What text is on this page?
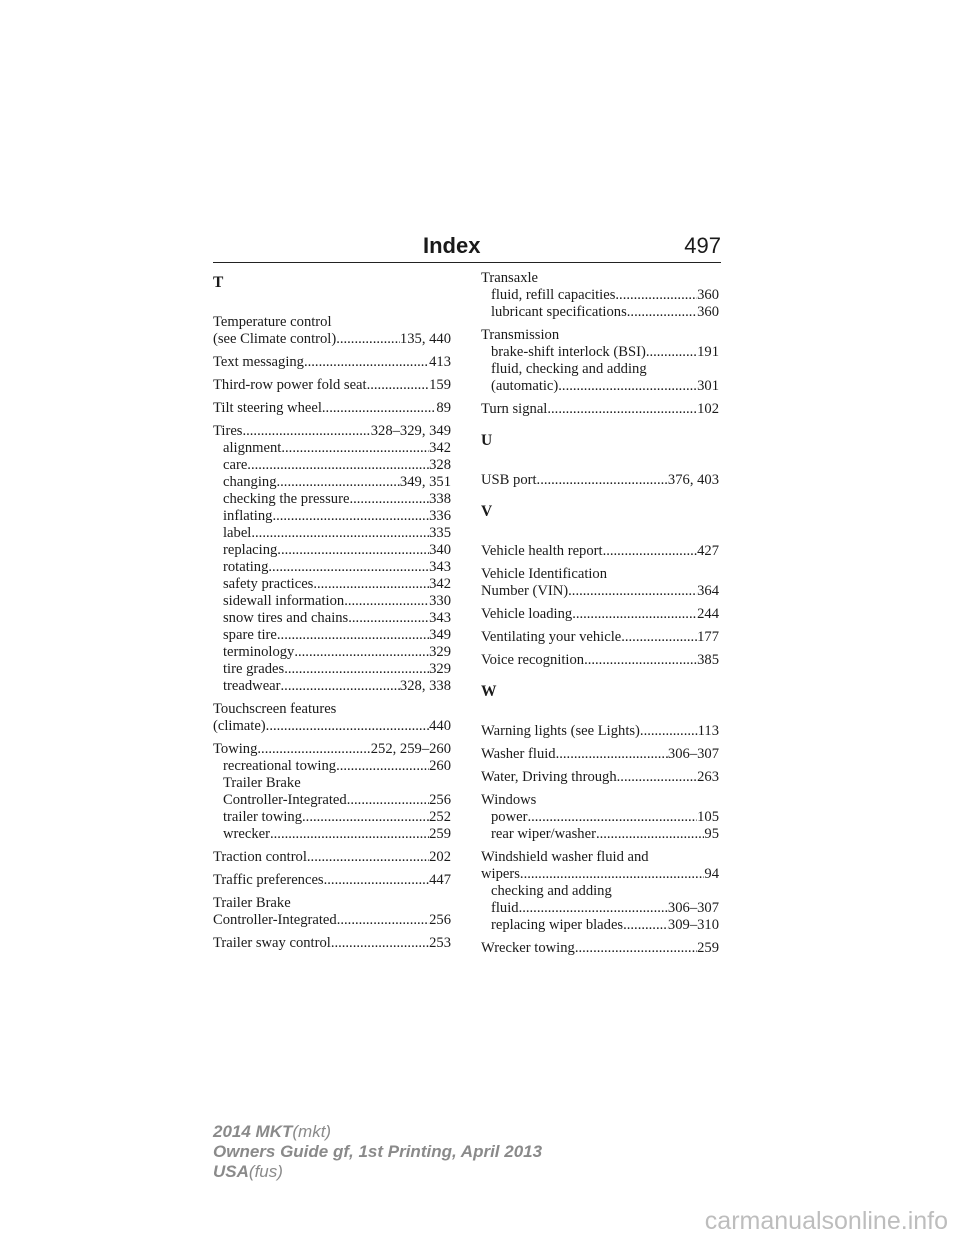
Index	497
T
Temperature control
(see Climate control) .....	135, 440
Text messaging .....	413
Third-row power fold seat .....	159
Tilt steering wheel .....	89
Tires .....	328–329, 349
alignment .....	342
care .....	328
changing .....	349, 351
checking the pressure .....	338
inflating .....	336
label .....	335
replacing .....	340
rotating .....	343
safety practices .....	342
sidewall information .....	330
snow tires and chains .....	343
spare tire .....	349
terminology .....	329
tire grades .....	329
treadwear .....	328, 338
Touchscreen features
(climate) .....	440
Towing .....	252, 259–260
recreational towing .....	260
Trailer Brake
Controller-Integrated .....	256
trailer towing .....	252
wrecker .....	259
Traction control .....	202
Traffic preferences .....	447
Trailer Brake
Controller-Integrated .....	256
Trailer sway control .....	253
Transaxle
fluid, refill capacities .....	360
lubricant specifications .....	360
Transmission
brake-shift interlock (BSI) .....	191
fluid, checking and adding
(automatic) .....	301
Turn signal .....	102
U
USB port .....	376, 403
V
Vehicle health report .....	427
Vehicle Identification
Number (VIN) .....	364
Vehicle loading .....	244
Ventilating your vehicle .....	177
Voice recognition .....	385
W
Warning lights (see Lights) .....	113
Washer fluid .....	306–307
Water, Driving through .....	263
Windows
power .....	105
rear wiper/washer .....	95
Windshield washer fluid and
wipers .....	94
checking and adding
fluid .....	306–307
replacing wiper blades .....	309–310
Wrecker towing .....	259
2014 MKT(mkt)
Owners Guide gf, 1st Printing, April 2013
USA(fus)
carmanualsonline.info
